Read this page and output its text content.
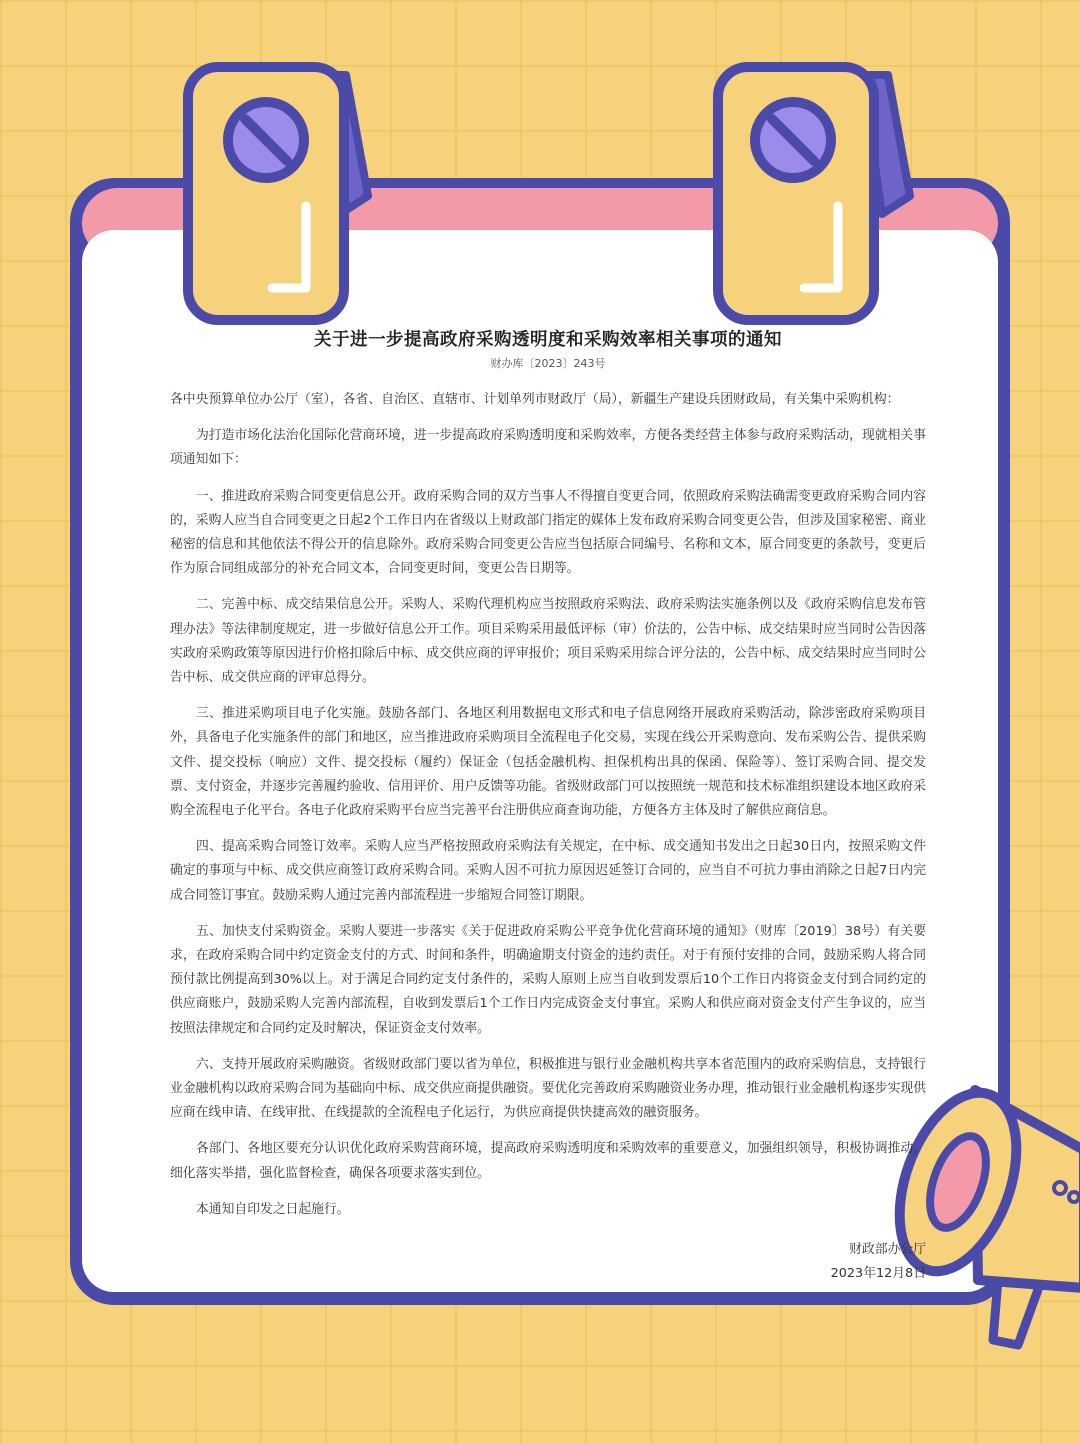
关于进一步提高政府采购透明度和采购效率相关事项的通知

财办库〔2023〕243号

各中央预算单位办公厅（室），各省、自治区、直辖市、计划单列市财政厅（局），新疆生产建设兵团财政局，有关集中采购机构：

为打造市场化法治化国际化营商环境，进一步提高政府采购透明度和采购效率，方便各类经营主体参与政府采购活动，现就相关事项通知如下：

一、推进政府采购合同变更信息公开。政府采购合同的双方当事人不得擅自变更合同，依照政府采购法确需变更政府采购合同内容的，采购人应当自合同变更之日起2个工作日内在省级以上财政部门指定的媒体上发布政府采购合同变更公告，但涉及国家秘密、商业秘密的信息和其他依法不得公开的信息除外。政府采购合同变更公告应当包括原合同编号、名称和文本，原合同变更的条款号，变更后作为原合同组成部分的补充合同文本，合同变更时间，变更公告日期等。

二、完善中标、成交结果信息公开。采购人、采购代理机构应当按照政府采购法、政府采购法实施条例以及《政府采购信息发布管理办法》等法律制度规定，进一步做好信息公开工作。项目采购采用最低评标（审）价法的，公告中标、成交结果时应当同时公告因落实政府采购政策等原因进行价格扣除后中标、成交供应商的评审报价；项目采购采用综合评分法的，公告中标、成交结果时应当同时公告中标、成交供应商的评审总得分。

三、推进采购项目电子化实施。鼓励各部门、各地区利用数据电文形式和电子信息网络开展政府采购活动，除涉密政府采购项目外，具备电子化实施条件的部门和地区，应当推进政府采购项目全流程电子化交易，实现在线公开采购意向、发布采购公告、提供采购文件、提交投标（响应）文件、提交投标（履约）保证金（包括金融机构、担保机构出具的保函、保险等）、签订采购合同、提交发票、支付资金，并逐步完善履约验收、信用评价、用户反馈等功能。省级财政部门可以按照统一规范和技术标准组织建设本地区政府采购全流程电子化平台。各电子化政府采购平台应当完善平台注册供应商查询功能，方便各方主体及时了解供应商信息。

四、提高采购合同签订效率。采购人应当严格按照政府采购法有关规定，在中标、成交通知书发出之日起30日内，按照采购文件确定的事项与中标、成交供应商签订政府采购合同。采购人因不可抗力原因迟延签订合同的，应当自不可抗力事由消除之日起7日内完成合同签订事宜。鼓励采购人通过完善内部流程进一步缩短合同签订期限。

五、加快支付采购资金。采购人要进一步落实《关于促进政府采购公平竞争优化营商环境的通知》（财库〔2019〕38号）有关要求，在政府采购合同中约定资金支付的方式、时间和条件，明确逾期支付资金的违约责任。对于有预付安排的合同，鼓励采购人将合同预付款比例提高到30%以上。对于满足合同约定支付条件的，采购人原则上应当自收到发票后10个工作日内将资金支付到合同约定的供应商账户，鼓励采购人完善内部流程，自收到发票后1个工作日内完成资金支付事宜。采购人和供应商对资金支付产生争议的，应当按照法律规定和合同约定及时解决，保证资金支付效率。

六、支持开展政府采购融资。省级财政部门要以省为单位，积极推进与银行业金融机构共享本省范围内的政府采购信息，支持银行业金融机构以政府采购合同为基础向中标、成交供应商提供融资。要优化完善政府采购融资业务办理，推动银行业金融机构逐步实现供应商在线申请、在线审批、在线提款的全流程电子化运行，为供应商提供快捷高效的融资服务。

各部门、各地区要充分认识优化政府采购营商环境，提高政府采购透明度和采购效率的重要意义，加强组织领导，积极协调推动，细化落实举措，强化监督检查，确保各项要求落实到位。

本通知自印发之日起施行。

财政部办公厅

2023年12月8日
